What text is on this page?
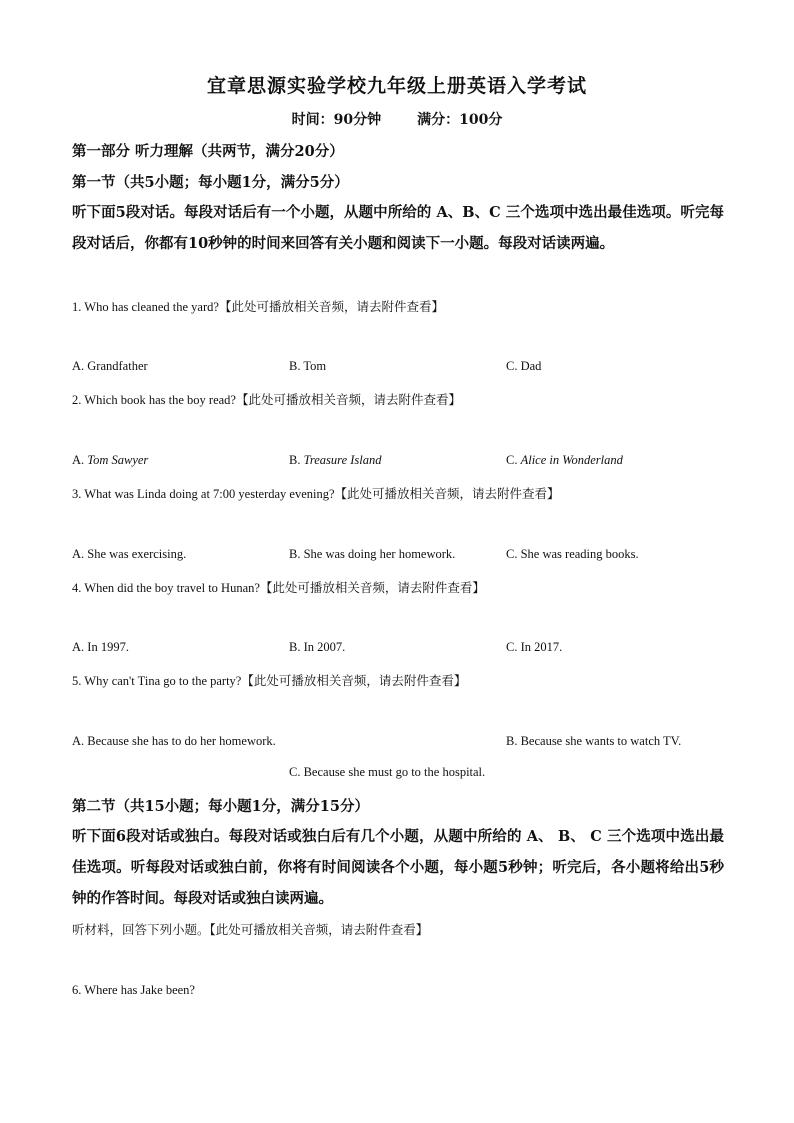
宜章思源实验学校九年级上册英语入学考试
时间：90分钟	满分：100分
第一部分 听力理解（共两节，满分20分）
第一节（共5小题；每小题1分，满分5分）
听下面5段对话。每段对话后有一个小题，从题中所给的 A、B、C 三个选项中选出最佳选项。听完每段对话后，你都有10秒钟的时间来回答有关小题和阅读下一小题。每段对话读两遍。
1. Who has cleaned the yard?【此处可播放相关音频，请去附件查看】
A. Grandfather	B. Tom	C. Dad
2. Which book has the boy read?【此处可播放相关音频，请去附件查看】
A. Tom Sawyer	B. Treasure Island	C. Alice in Wonderland
3. What was Linda doing at 7:00 yesterday evening?【此处可播放相关音频，请去附件查看】
A. She was exercising.	B. She was doing her homework.	C. She was reading books.
4. When did the boy travel to Hunan?【此处可播放相关音频，请去附件查看】
A. In 1997.	B. In 2007.	C. In 2017.
5. Why can't Tina go to the party?【此处可播放相关音频，请去附件查看】
A. Because she has to do her homework.	B. Because she wants to watch TV.
C. Because she must go to the hospital.
第二节（共15小题；每小题1分，满分15分）
听下面6段对话或独白。每段对话或独白后有几个小题，从题中所给的 A、 B、 C 三个选项中选出最佳选项。听每段对话或独白前，你将有时间阅读各个小题，每小题5秒钟；听完后，各小题将给出5秒钟的作答时间。每段对话或独白读两遍。
听材料，回答下列小题。【此处可播放相关音频，请去附件查看】
6. Where has Jake been?
